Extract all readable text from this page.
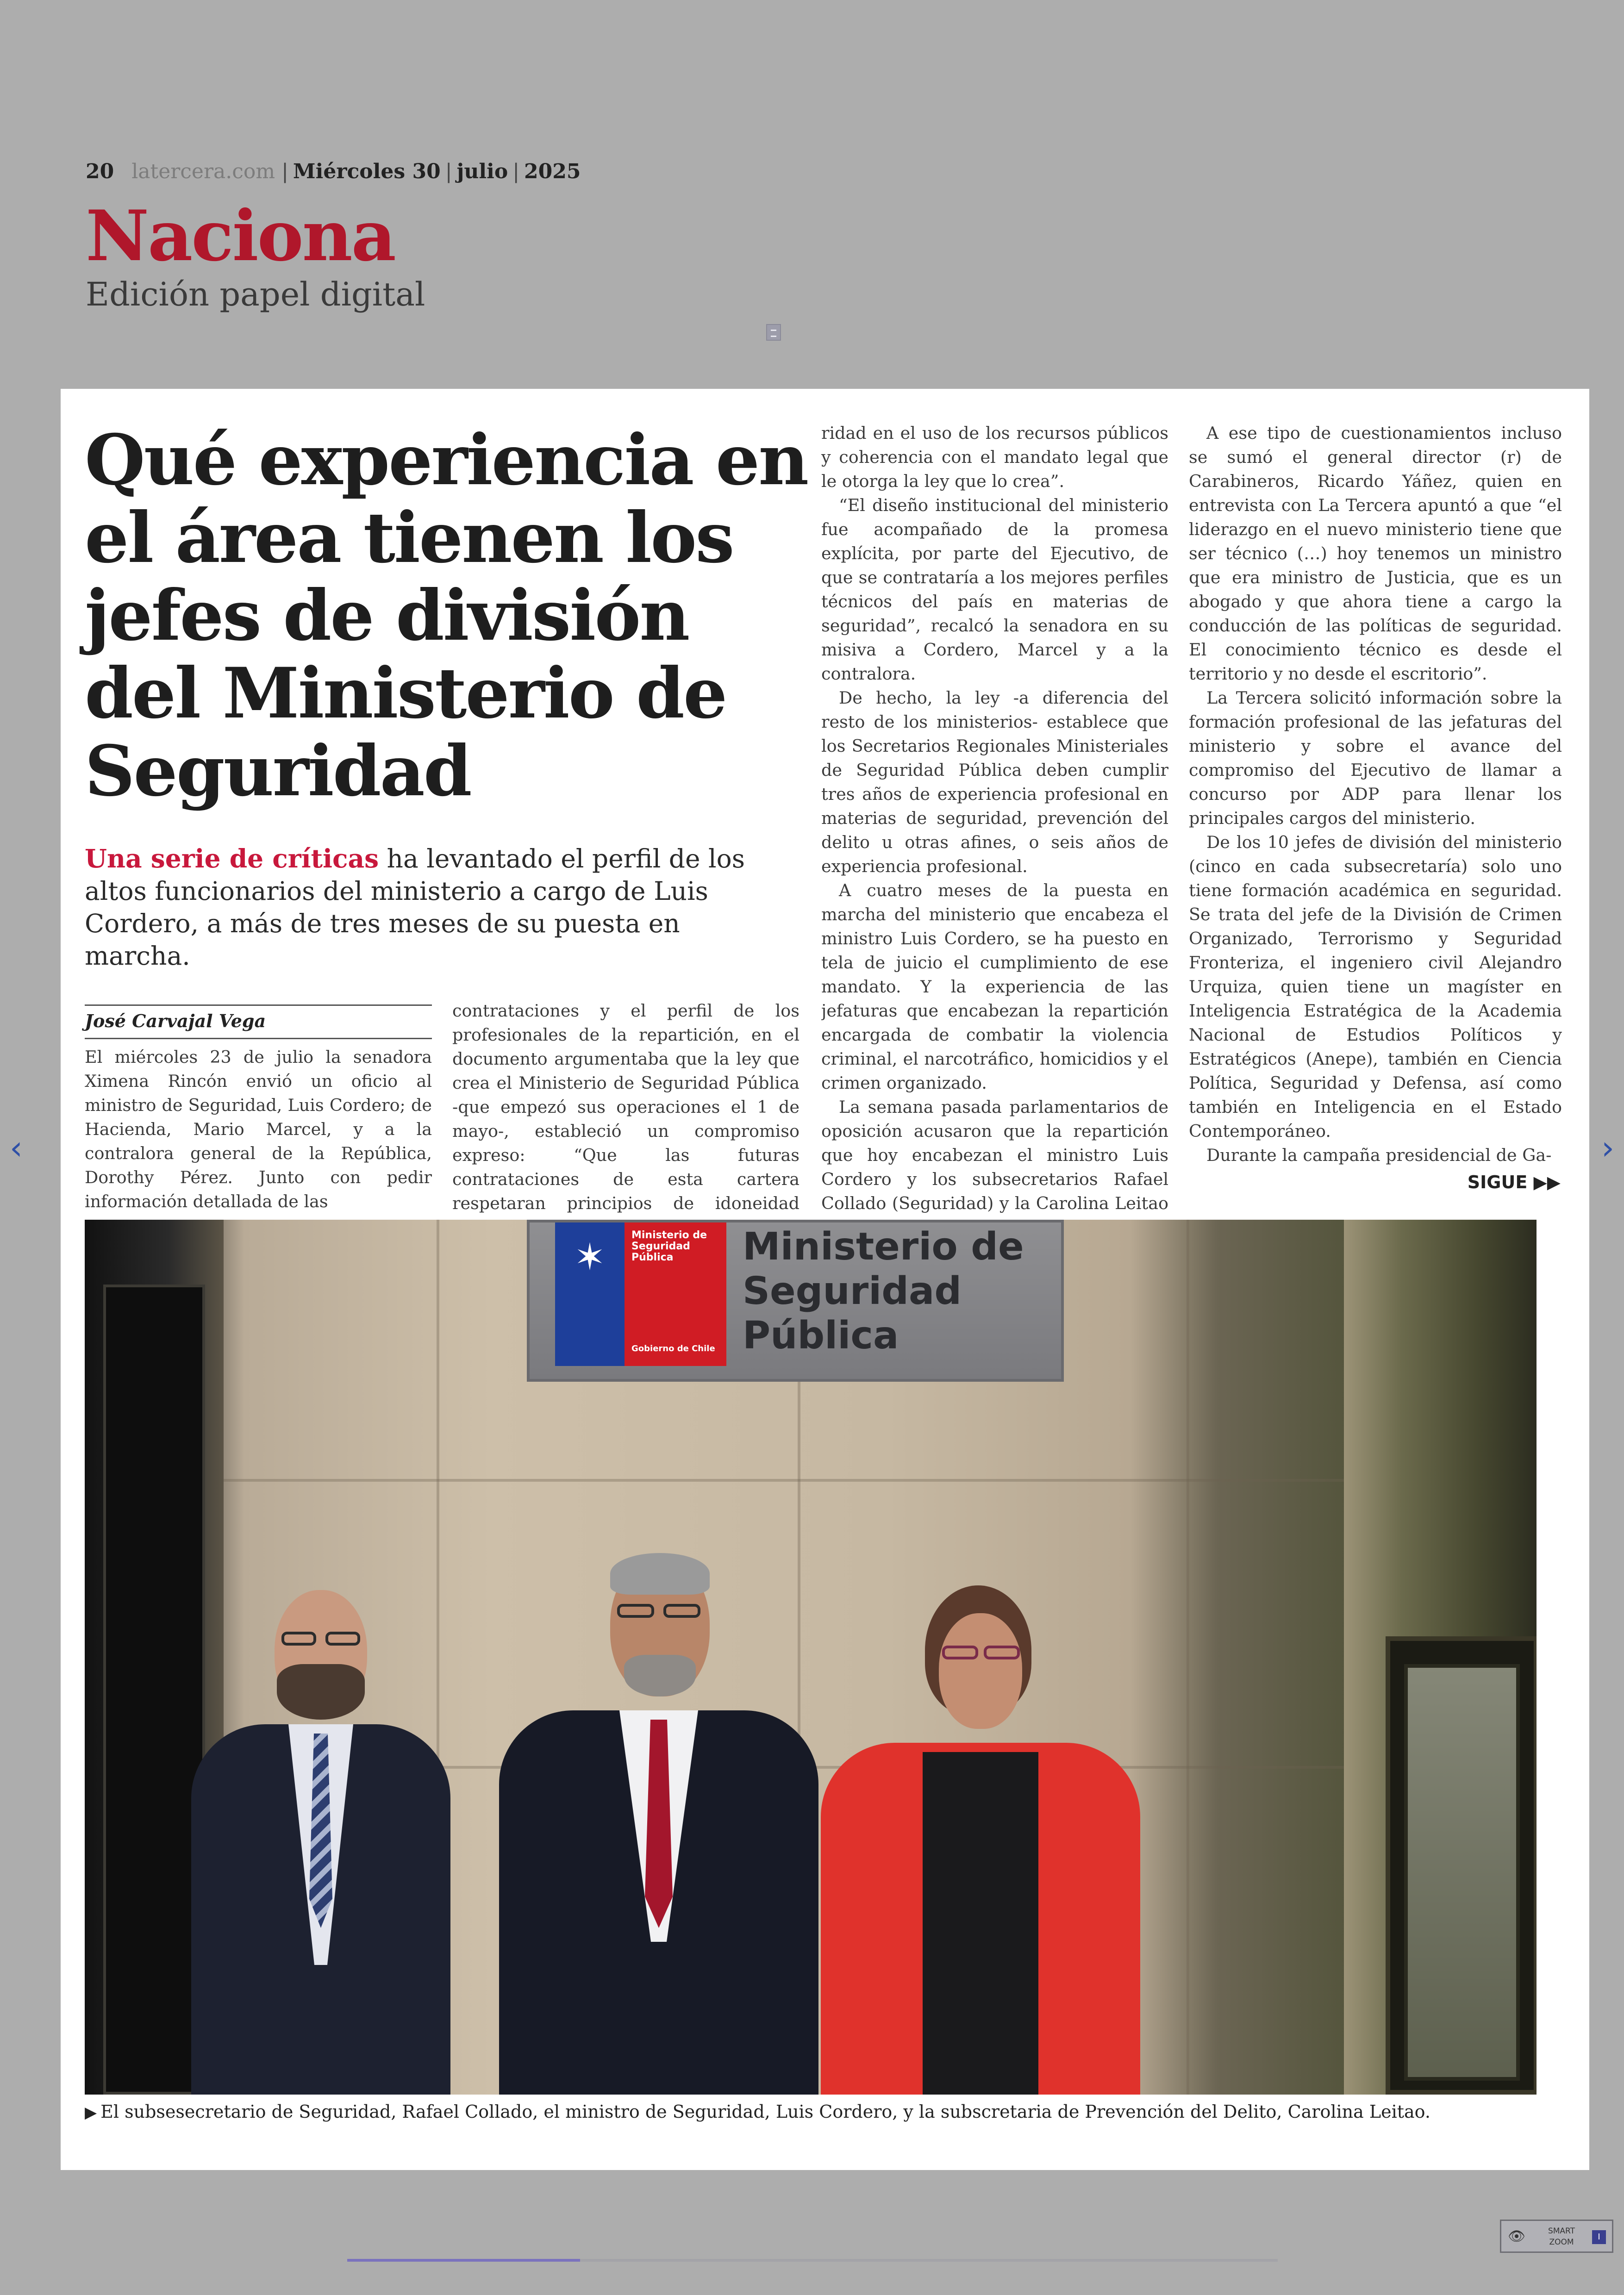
20 latercera.com | Miércoles 30 | julio | 2025
Naciona
Edición papel digital
‹	›
Qué experiencia en el área tienen los jefes de división del Ministerio de Seguridad
Una serie de críticas ha levantado el perfil de los altos funcionarios del ministerio a cargo de Luis Cordero, a más de tres meses de su puesta en marcha.
José Carvajal Vega

El miércoles 23 de julio la senadora Ximena Rincón envió un oficio al ministro de Seguridad, Luis Cordero; de Hacienda, Mario Marcel, y a la contralora general de la República, Dorothy Pérez. Junto con pedir información detallada de las

contrataciones y el perfil de los profesionales de la repartición, en el documento argumentaba que la ley que crea el Ministerio de Seguridad Pública -que empezó sus operaciones el 1 de mayo-, estableció un compromiso expreso: “Que las futuras contrataciones de esta cartera respetaran principios de idoneidad

ridad en el uso de los recursos públicos y coherencia con el mandato legal que le otorga la ley que lo crea”.

“El diseño institucional del ministerio fue acompañado de la promesa explícita, por parte del Ejecutivo, de que se contrataría a los mejores perfiles técnicos del país en materias de seguridad”, recalcó la senadora en su misiva a Cordero, Marcel y a la contralora.

De hecho, la ley -a diferencia del resto de los ministerios- establece que los Secretarios Regionales Ministeriales de Seguridad Pública deben cumplir tres años de experiencia profesional en materias de seguridad, prevención del delito u otras afines, o seis años de experiencia profesional.

A cuatro meses de la puesta en marcha del ministerio que encabeza el ministro Luis Cordero, se ha puesto en tela de juicio el cumplimiento de ese mandato. Y la experiencia de las jefaturas que encabezan la repartición encargada de combatir la violencia criminal, el narcotráfico, homicidios y el crimen organizado.

La semana pasada parlamentarios de oposición acusaron que la repartición que hoy encabezan el ministro Luis Cordero y los subsecretarios Rafael Collado (Seguridad) y la Carolina Leitao

A ese tipo de cuestionamientos incluso se sumó el general director (r) de Carabineros, Ricardo Yáñez, quien en entrevista con La Tercera apuntó a que “el liderazgo en el nuevo ministerio tiene que ser técnico (…) hoy tenemos un ministro que era ministro de Justicia, que es un abogado y que ahora tiene a cargo la conducción de las políticas de seguridad. El conocimiento técnico es desde el territorio y no desde el escritorio”.

La Tercera solicitó información sobre la formación profesional de las jefaturas del ministerio y sobre el avance del compromiso del Ejecutivo de llamar a concurso por ADP para llenar los principales cargos del ministerio.

De los 10 jefes de división del ministerio (cinco en cada subsecretaría) solo uno tiene formación académica en seguridad. Se trata del jefe de la División de Crimen Organizado, Terrorismo y Seguridad Fronteriza, el ingeniero civil Alejandro Urquiza, quien tiene un magíster en Inteligencia Estratégica de la Academia Nacional de Estudios Políticos y Estratégicos (Anepe), también en Ciencia Política, Seguridad y Defensa, así como también en Inteligencia en el Estado Contemporáneo.

Durante la campaña presidencial de Ga-

SIGUE ▶▶
✶
Ministerio de Seguridad Pública
Gobierno de Chile
Ministerio de Seguridad Pública
▶ El subsesecretario de Seguridad, Rafael Collado, el ministro de Seguridad, Luis Cordero, y la subscretaria de Prevención del Delito, Carolina Leitao.
👁	SMART ZOOM
I
